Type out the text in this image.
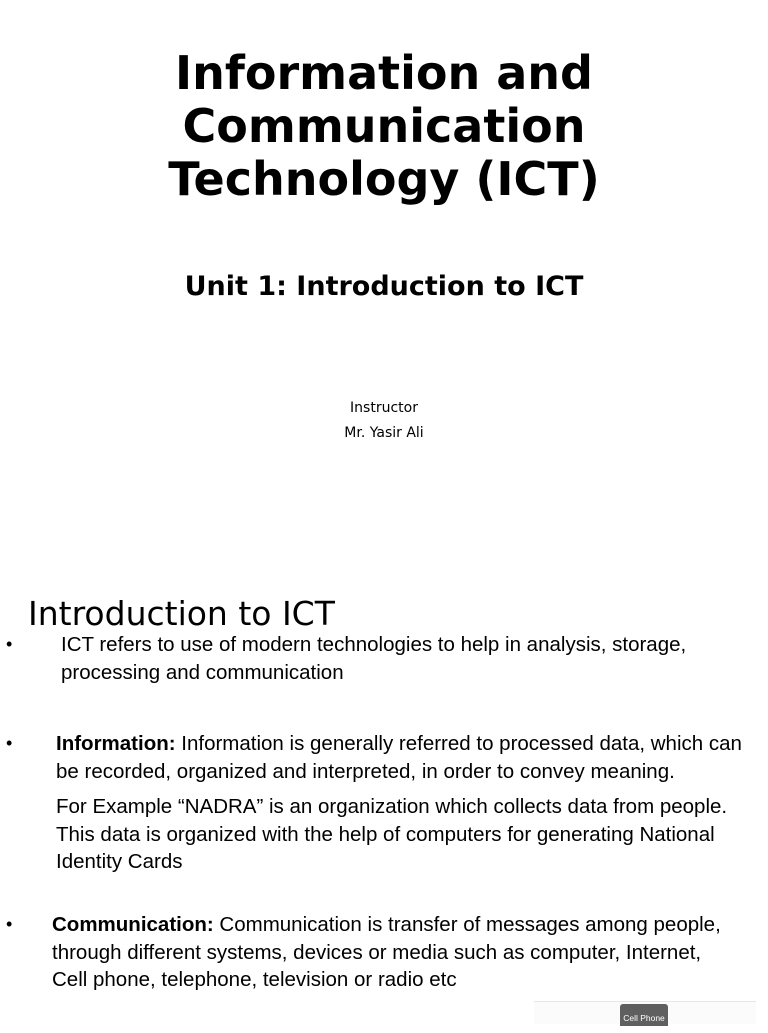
Information and
Communication
Technology (ICT)
Unit 1: Introduction to ICT
Instructor
Mr. Yasir Ali
Introduction to ICT
• ICT refers to use of modern technologies to help in analysis, storage, processing and communication
• Information: Information is generally referred to processed data, which can be recorded, organized and interpreted, in order to convey meaning.
For Example “NADRA” is an organization which collects data from people. This data is organized with the help of computers for generating National Identity Cards
• Communication: Communication is transfer of messages among people, through different systems, devices or media such as computer, Internet, Cell phone, telephone, television or radio etc
Cell Phone
